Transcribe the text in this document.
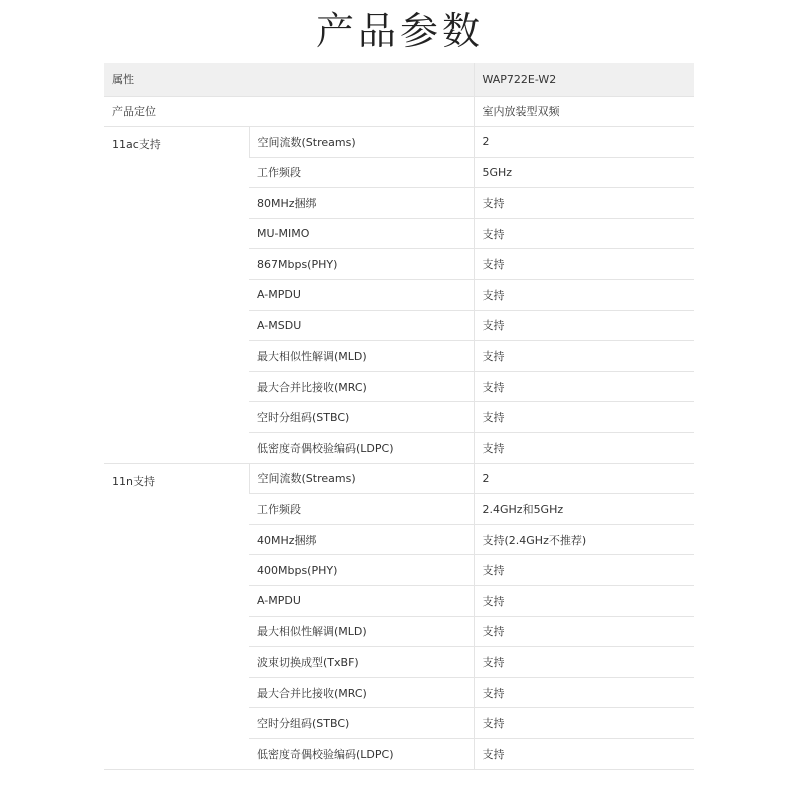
产品参数
属性		WAP722E-W2
产品定位		室内放装型双频
11ac支持	空间流数(Streams)	2
	工作频段	5GHz
	80MHz捆绑	支持
	MU-MIMO	支持
	867Mbps(PHY)	支持
	A-MPDU	支持
	A-MSDU	支持
	最大相似性解调(MLD)	支持
	最大合并比接收(MRC)	支持
	空时分组码(STBC)	支持
	低密度奇偶校验编码(LDPC)	支持
11n支持	空间流数(Streams)	2
	工作频段	2.4GHz和5GHz
	40MHz捆绑	支持(2.4GHz不推荐)
	400Mbps(PHY)	支持
	A-MPDU	支持
	最大相似性解调(MLD)	支持
	波束切换成型(TxBF)	支持
	最大合并比接收(MRC)	支持
	空时分组码(STBC)	支持
	低密度奇偶校验编码(LDPC)	支持
